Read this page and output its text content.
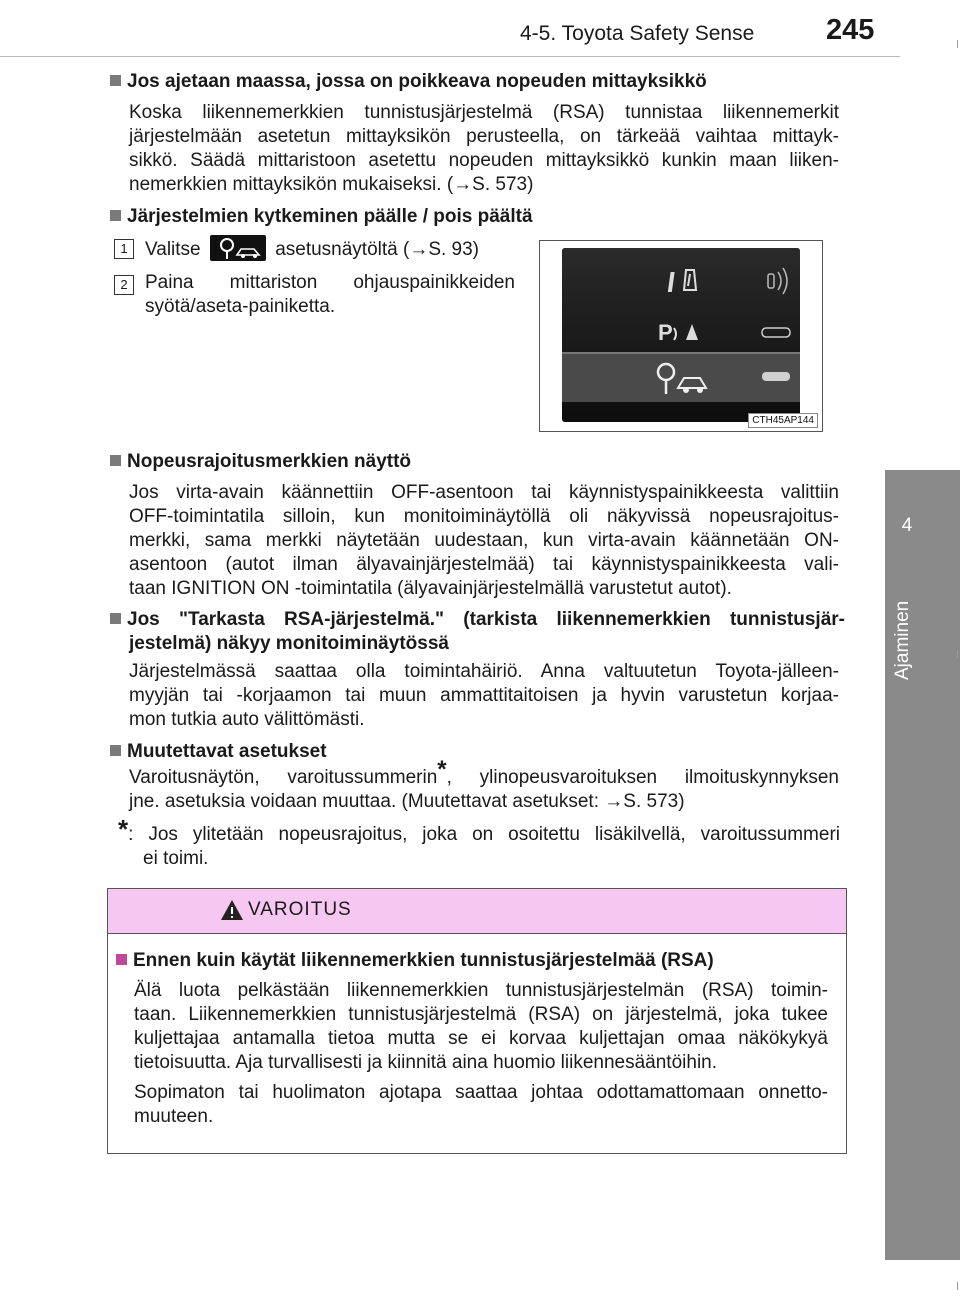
4-5. Toyota Safety Sense 245
4
Ajaminen
Jos ajetaan maassa, jossa on poikkeava nopeuden mittayksikkö
Koska liikennemerkkien tunnistusjärjestelmä (RSA) tunnistaa liikennemerkit
järjestelmään asetetun mittayksikön perusteella, on tärkeää vaihtaa mittayk-
sikkö. Säädä mittaristoon asetettu nopeuden mittayksikkö kunkin maan liiken-
nemerkkien mittayksikön mukaiseksi. (→S. 573)
Järjestelmien kytkeminen päälle / pois päältä
1 Valitse	asetusnäytöltä (→S. 93)
2 Paina mittariston ohjauspainikkeiden
syötä/aseta-painiketta.
P
CTH45AP144
Nopeusrajoitusmerkkien näyttö
Jos virta-avain käännettiin OFF-asentoon tai käynnistyspainikkeesta valittiin
OFF-toimintatila silloin, kun monitoiminäytöllä oli näkyvissä nopeusrajoitus-
merkki, sama merkki näytetään uudestaan, kun virta-avain käännetään ON-
asentoon (autot ilman älyavainjärjestelmää) tai käynnistyspainikkeesta vali-
taan IGNITION ON -toimintatila (älyavainjärjestelmällä varustetut autot).
Jos "Tarkasta RSA-järjestelmä." (tarkista liikennemerkkien tunnistusjär-
jestelmä) näkyy monitoiminäytössä
Järjestelmässä saattaa olla toimintahäiriö. Anna valtuutetun Toyota-jälleen-
myyjän tai -korjaamon tai muun ammattitaitoisen ja hyvin varustetun korjaa-
mon tutkia auto välittömästi.
Muutettavat asetukset
Varoitusnäytön, varoitussummerin*, ylinopeusvaroituksen ilmoituskynnyksen
jne. asetuksia voidaan muuttaa. (Muutettavat asetukset: →S. 573)
*: Jos ylitetään nopeusrajoitus, joka on osoitettu lisäkilvellä, varoitussummeri
ei toimi.
VAROITUS
Ennen kuin käytät liikennemerkkien tunnistusjärjestelmää (RSA)
Älä luota pelkästään liikennemerkkien tunnistusjärjestelmän (RSA) toimin-
taan. Liikennemerkkien tunnistusjärjestelmä (RSA) on järjestelmä, joka tukee
kuljettajaa antamalla tietoa mutta se ei korvaa kuljettajan omaa näkökykyä
tietoisuutta. Aja turvallisesti ja kiinnitä aina huomio liikennesääntöihin.
Sopimaton tai huolimaton ajotapa saattaa johtaa odottamattomaan onnetto-
muuteen.
